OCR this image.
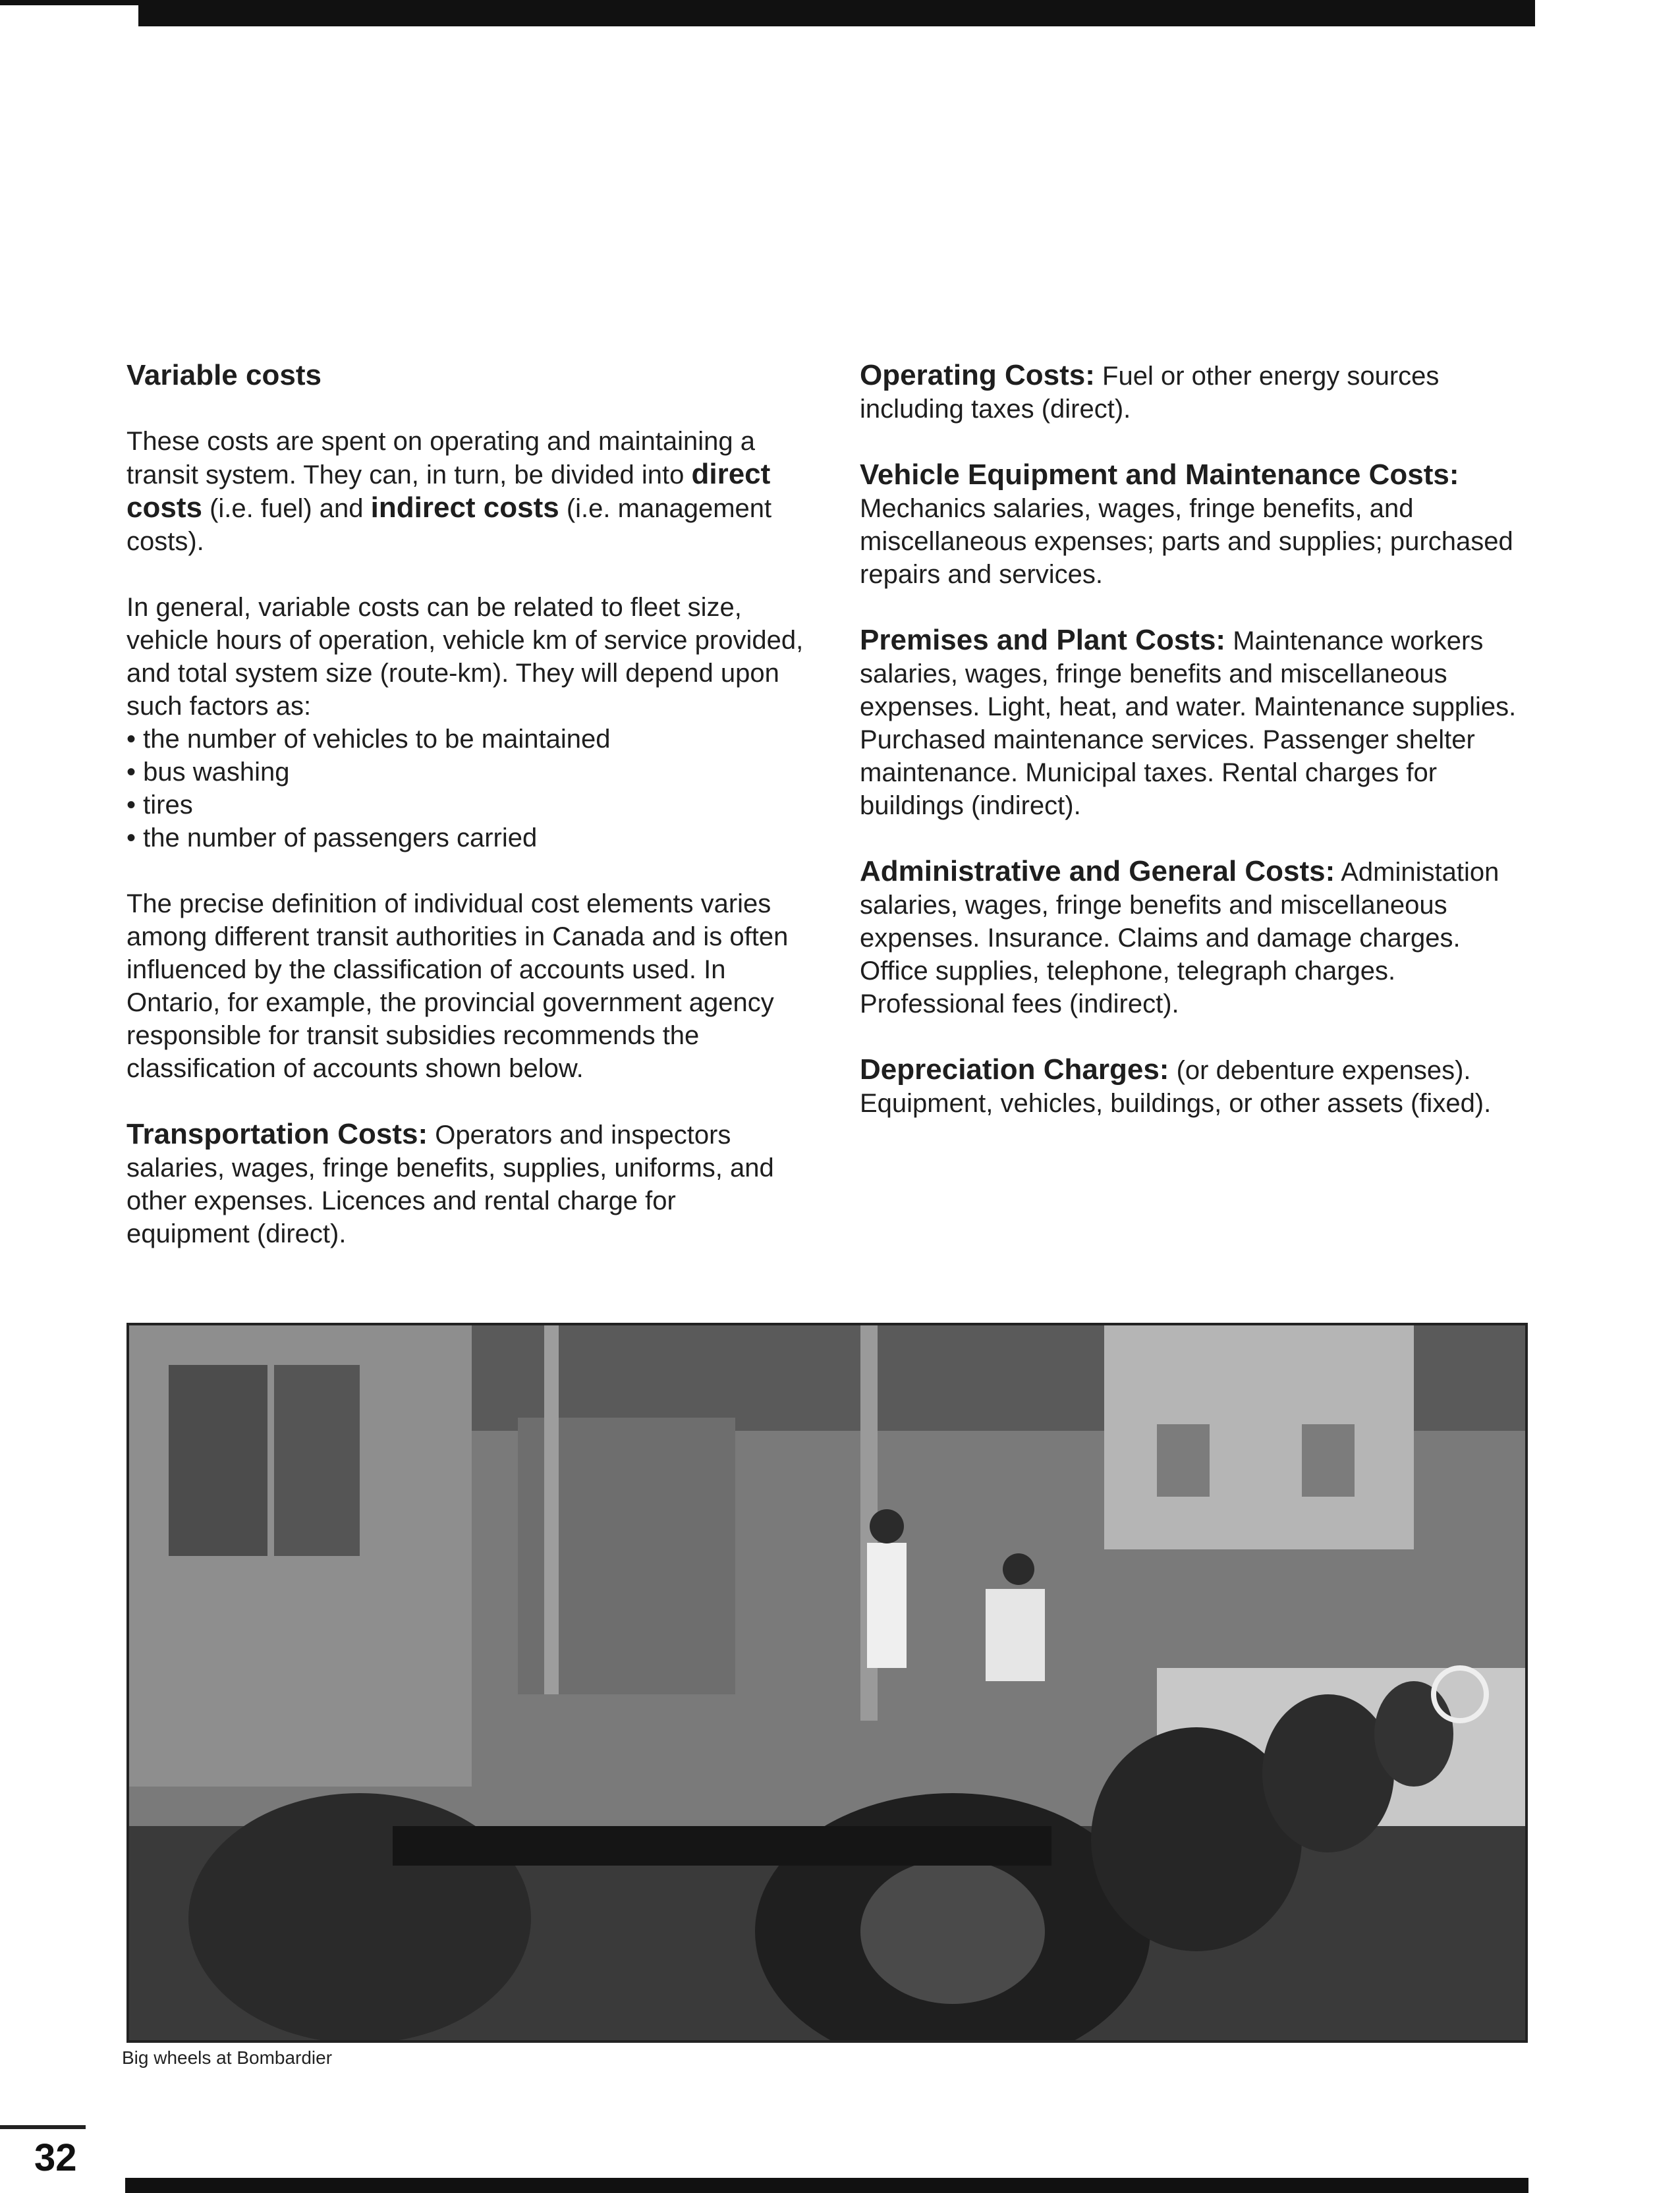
Variable costs

These costs are spent on operating and maintaining a transit system. They can, in turn, be divided into direct costs (i.e. fuel) and indirect costs (i.e. management costs).

In general, variable costs can be related to fleet size, vehicle hours of operation, vehicle km of service provided, and total system size (route-km). They will depend upon such factors as:
• the number of vehicles to be maintained
• bus washing
• tires
• the number of passengers carried

The precise definition of individual cost elements varies among different transit authorities in Canada and is often influenced by the classification of accounts used. In Ontario, for example, the provincial government agency responsible for transit subsidies recommends the classification of accounts shown below.

Transportation Costs: Operators and inspectors salaries, wages, fringe benefits, supplies, uniforms, and other expenses. Licences and rental charge for equipment (direct).

Operating Costs: Fuel or other energy sources including taxes (direct).

Vehicle Equipment and Maintenance Costs: Mechanics salaries, wages, fringe benefits, and miscellaneous expenses; parts and supplies; purchased repairs and services.

Premises and Plant Costs: Maintenance workers salaries, wages, fringe benefits and miscellaneous expenses. Light, heat, and water. Maintenance supplies. Purchased maintenance services. Passenger shelter maintenance. Municipal taxes. Rental charges for buildings (indirect).

Administrative and General Costs: Administation salaries, wages, fringe benefits and miscellaneous expenses. Insurance. Claims and damage charges. Office supplies, telephone, telegraph charges. Professional fees (indirect).

Depreciation Charges: (or debenture expenses). Equipment, vehicles, buildings, or other assets (fixed).

Big wheels at Bombardier
32
